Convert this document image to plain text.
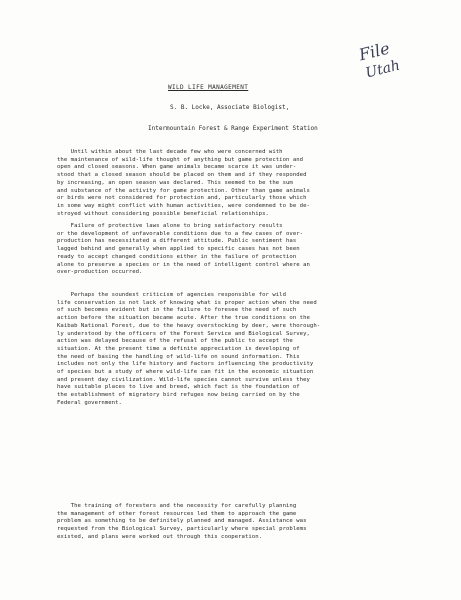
File
Utah
WILD LIFE MANAGEMENT
S. B. Locke, Associate Biologist,
Intermountain Forest & Range Experiment Station
Until within about the last decade few who were concerned with
the maintenance of wild-life thought of anything but game protection and
open and closed seasons. When game animals became scarce it was under-
stood that a closed season should be placed on them and if they responded
by increasing, an open season was declared. This seemed to be the sum
and substance of the activity for game protection. Other than game animals
or birds were not considered for protection and, particularly those which
in some way might conflict with human activities, were condemned to be de-
stroyed without considering possible beneficial relationships.
Failure of protective laws alone to bring satisfactory results
or the development of unfavorable conditions due to a few cases of over-
production has necessitated a different attitude. Public sentiment has
lagged behind and generally when applied to specific cases has not been
ready to accept changed conditions either in the failure of protection
alone to preserve a species or in the need of intelligent control where an
over-production occurred.
Perhaps the soundest criticism of agencies responsible for wild
life conservation is not lack of knowing what is proper action when the need
of such becomes evident but in the failure to foresee the need of such
action before the situation became acute. After the true conditions on the
Kaibab National Forest, due to the heavy overstocking by deer, were thorough-
ly understood by the officers of the Forest Service and Biological Survey,
action was delayed because of the refusal of the public to accept the
situation. At the present time a definite appreciation is developing of
the need of basing the handling of wild-life on sound information. This
includes not only the life history and factors influencing the productivity
of species but a study of where wild-life can fit in the economic situation
and present day civilization. Wild-life species cannot survive unless they
have suitable places to live and breed, which fact is the foundation of
the establishment of migratory bird refuges now being carried on by the
Federal government.
The training of foresters and the necessity for carefully planning
the management of other forest resources led them to approach the game
problem as something to be definitely planned and managed. Assistance was
requested from the Biological Survey, particularly where special problems
existed, and plans were worked out through this cooperation.
